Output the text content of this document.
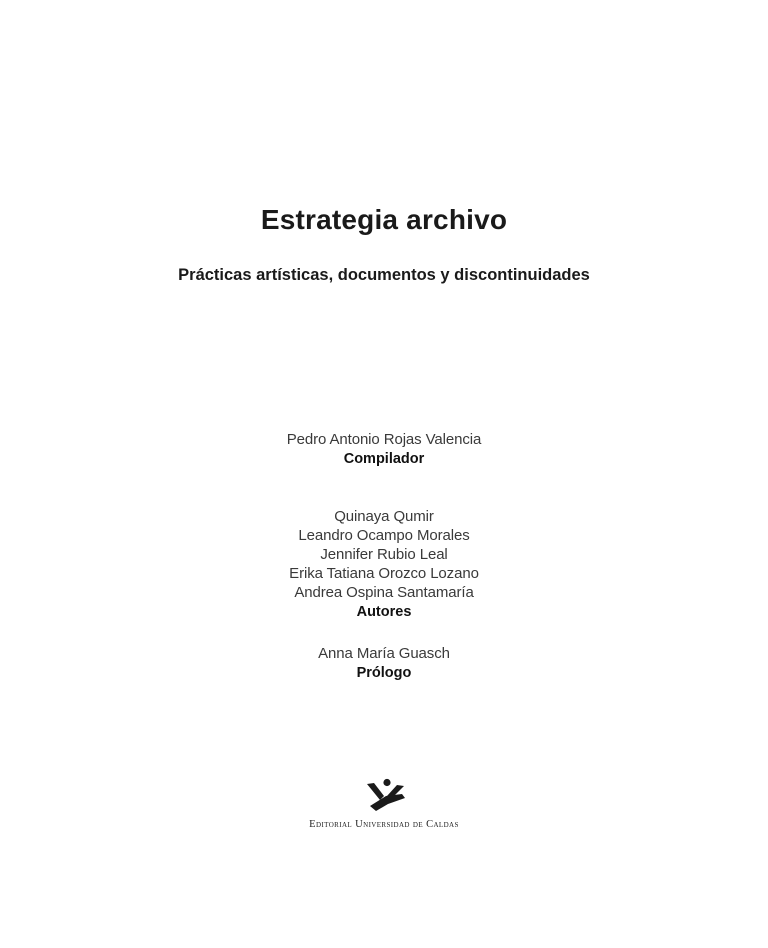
Estrategia archivo
Prácticas artísticas, documentos y discontinuidades
Pedro Antonio Rojas Valencia
Compilador
Quinaya Qumir
Leandro Ocampo Morales
Jennifer Rubio Leal
Erika Tatiana Orozco Lozano
Andrea Ospina Santamaría
Autores
Anna María Guasch
Prólogo
Editorial Universidad de Caldas
